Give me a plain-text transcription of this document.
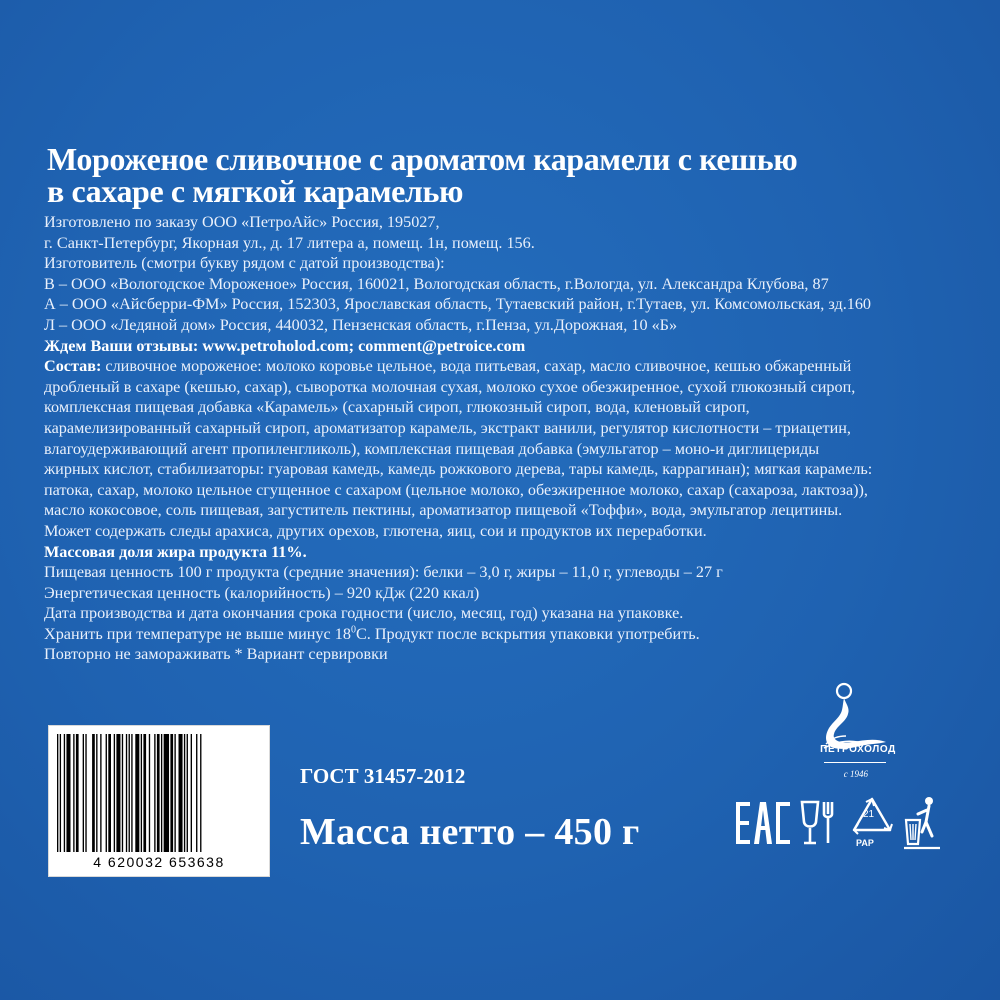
Мороженое сливочное с ароматом карамели с кешью
в сахаре с мягкой карамелью
Изготовлено по заказу ООО «ПетроАйс» Россия, 195027,
г. Санкт-Петербург, Якорная ул., д. 17 литера а, помещ. 1н, помещ. 156.
Изготовитель (смотри букву рядом с датой производства):
В – ООО «Вологодское Мороженое» Россия, 160021, Вологодская область, г.Вологда, ул. Александра Клубова, 87
А – ООО «Айсберри-ФМ» Россия, 152303, Ярославская область, Тутаевский район, г.Тутаев, ул. Комсомольская, зд.160
Л – ООО «Ледяной дом» Россия, 440032, Пензенская область, г.Пенза, ул.Дорожная, 10 «Б»
Ждем Ваши отзывы: www.petroholod.com; comment@petroice.com
Состав: сливочное мороженое: молоко коровье цельное, вода питьевая, сахар, масло сливочное, кешью обжаренный
дробленый в сахаре (кешью, сахар), сыворотка молочная сухая, молоко сухое обезжиренное, сухой глюкозный сироп,
комплексная пищевая добавка «Карамель» (сахарный сироп, глюкозный сироп, вода, кленовый сироп,
карамелизированный сахарный сироп, ароматизатор карамель, экстракт ванили, регулятор кислотности – триацетин,
влагоудерживающий агент пропиленгликоль), комплексная пищевая добавка (эмульгатор – моно-и диглицериды
жирных кислот, стабилизаторы: гуаровая камедь, камедь рожкового дерева, тары камедь, каррагинан); мягкая карамель:
патока, сахар, молоко цельное сгущенное с сахаром (цельное молоко, обезжиренное молоко, сахар (сахароза, лактоза)),
масло кокосовое, соль пищевая, загуститель пектины, ароматизатор пищевой «Тоффи», вода, эмульгатор лецитины.
Может содержать следы арахиса, других орехов, глютена, яиц, сои и продуктов их переработки.
Массовая доля жира продукта 11%.
Пищевая ценность 100 г продукта (средние значения): белки – 3,0 г, жиры – 11,0 г, углеводы – 27 г
Энергетическая ценность (калорийность) – 920 кДж (220 ккал)
Дата производства и дата окончания срока годности (число, месяц, год) указана на упаковке.
Хранить при температуре не выше минус $18^0С$. Продукт после вскрытия упаковки употребить.
Повторно не замораживать * Вариант сервировки
4 620032 653638
ГОСТ 31457-2012
Масса нетто – 450 г
ПЕТРОХОЛОД
с 1946
21
PAP
